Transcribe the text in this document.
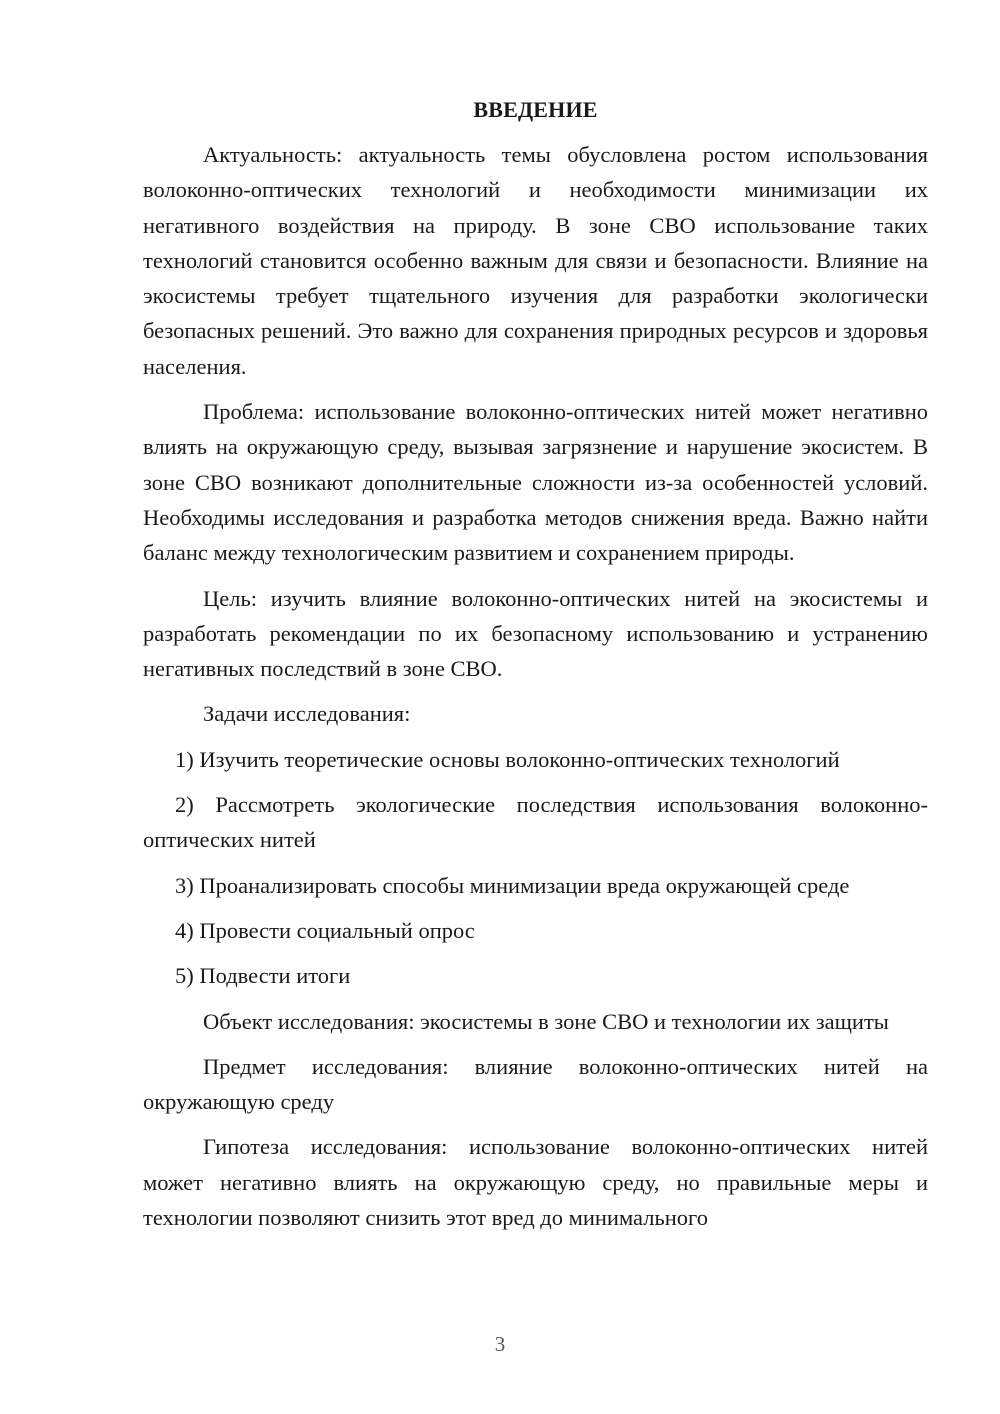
ВВЕДЕНИЕ

Актуальность: актуальность темы обусловлена ростом использования волоконно-оптических технологий и необходимости минимизации их негативного воздействия на природу. В зоне СВО использование таких технологий становится особенно важным для связи и безопасности. Влияние на экосистемы требует тщательного изучения для разработки экологически безопасных решений. Это важно для сохранения природных ресурсов и здоровья населения.

Проблема: использование волоконно-оптических нитей может негативно влиять на окружающую среду, вызывая загрязнение и нарушение экосистем. В зоне СВО возникают дополнительные сложности из-за особенностей условий. Необходимы исследования и разработка методов снижения вреда. Важно найти баланс между технологическим развитием и сохранением природы.

Цель: изучить влияние волоконно-оптических нитей на экосистемы и разработать рекомендации по их безопасному использованию и устранению негативных последствий в зоне СВО.

Задачи исследования:

1) Изучить теоретические основы волоконно-оптических технологий

2) Рассмотреть экологические последствия использования волоконно-оптических нитей

3) Проанализировать способы минимизации вреда окружающей среде

4) Провести социальный опрос

5) Подвести итоги

Объект исследования: экосистемы в зоне СВО и технологии их защиты

Предмет исследования: влияние волоконно-оптических нитей на окружающую среду

Гипотеза исследования: использование волоконно-оптических нитей может негативно влиять на окружающую среду, но правильные меры и технологии позволяют снизить этот вред до минимального

3
